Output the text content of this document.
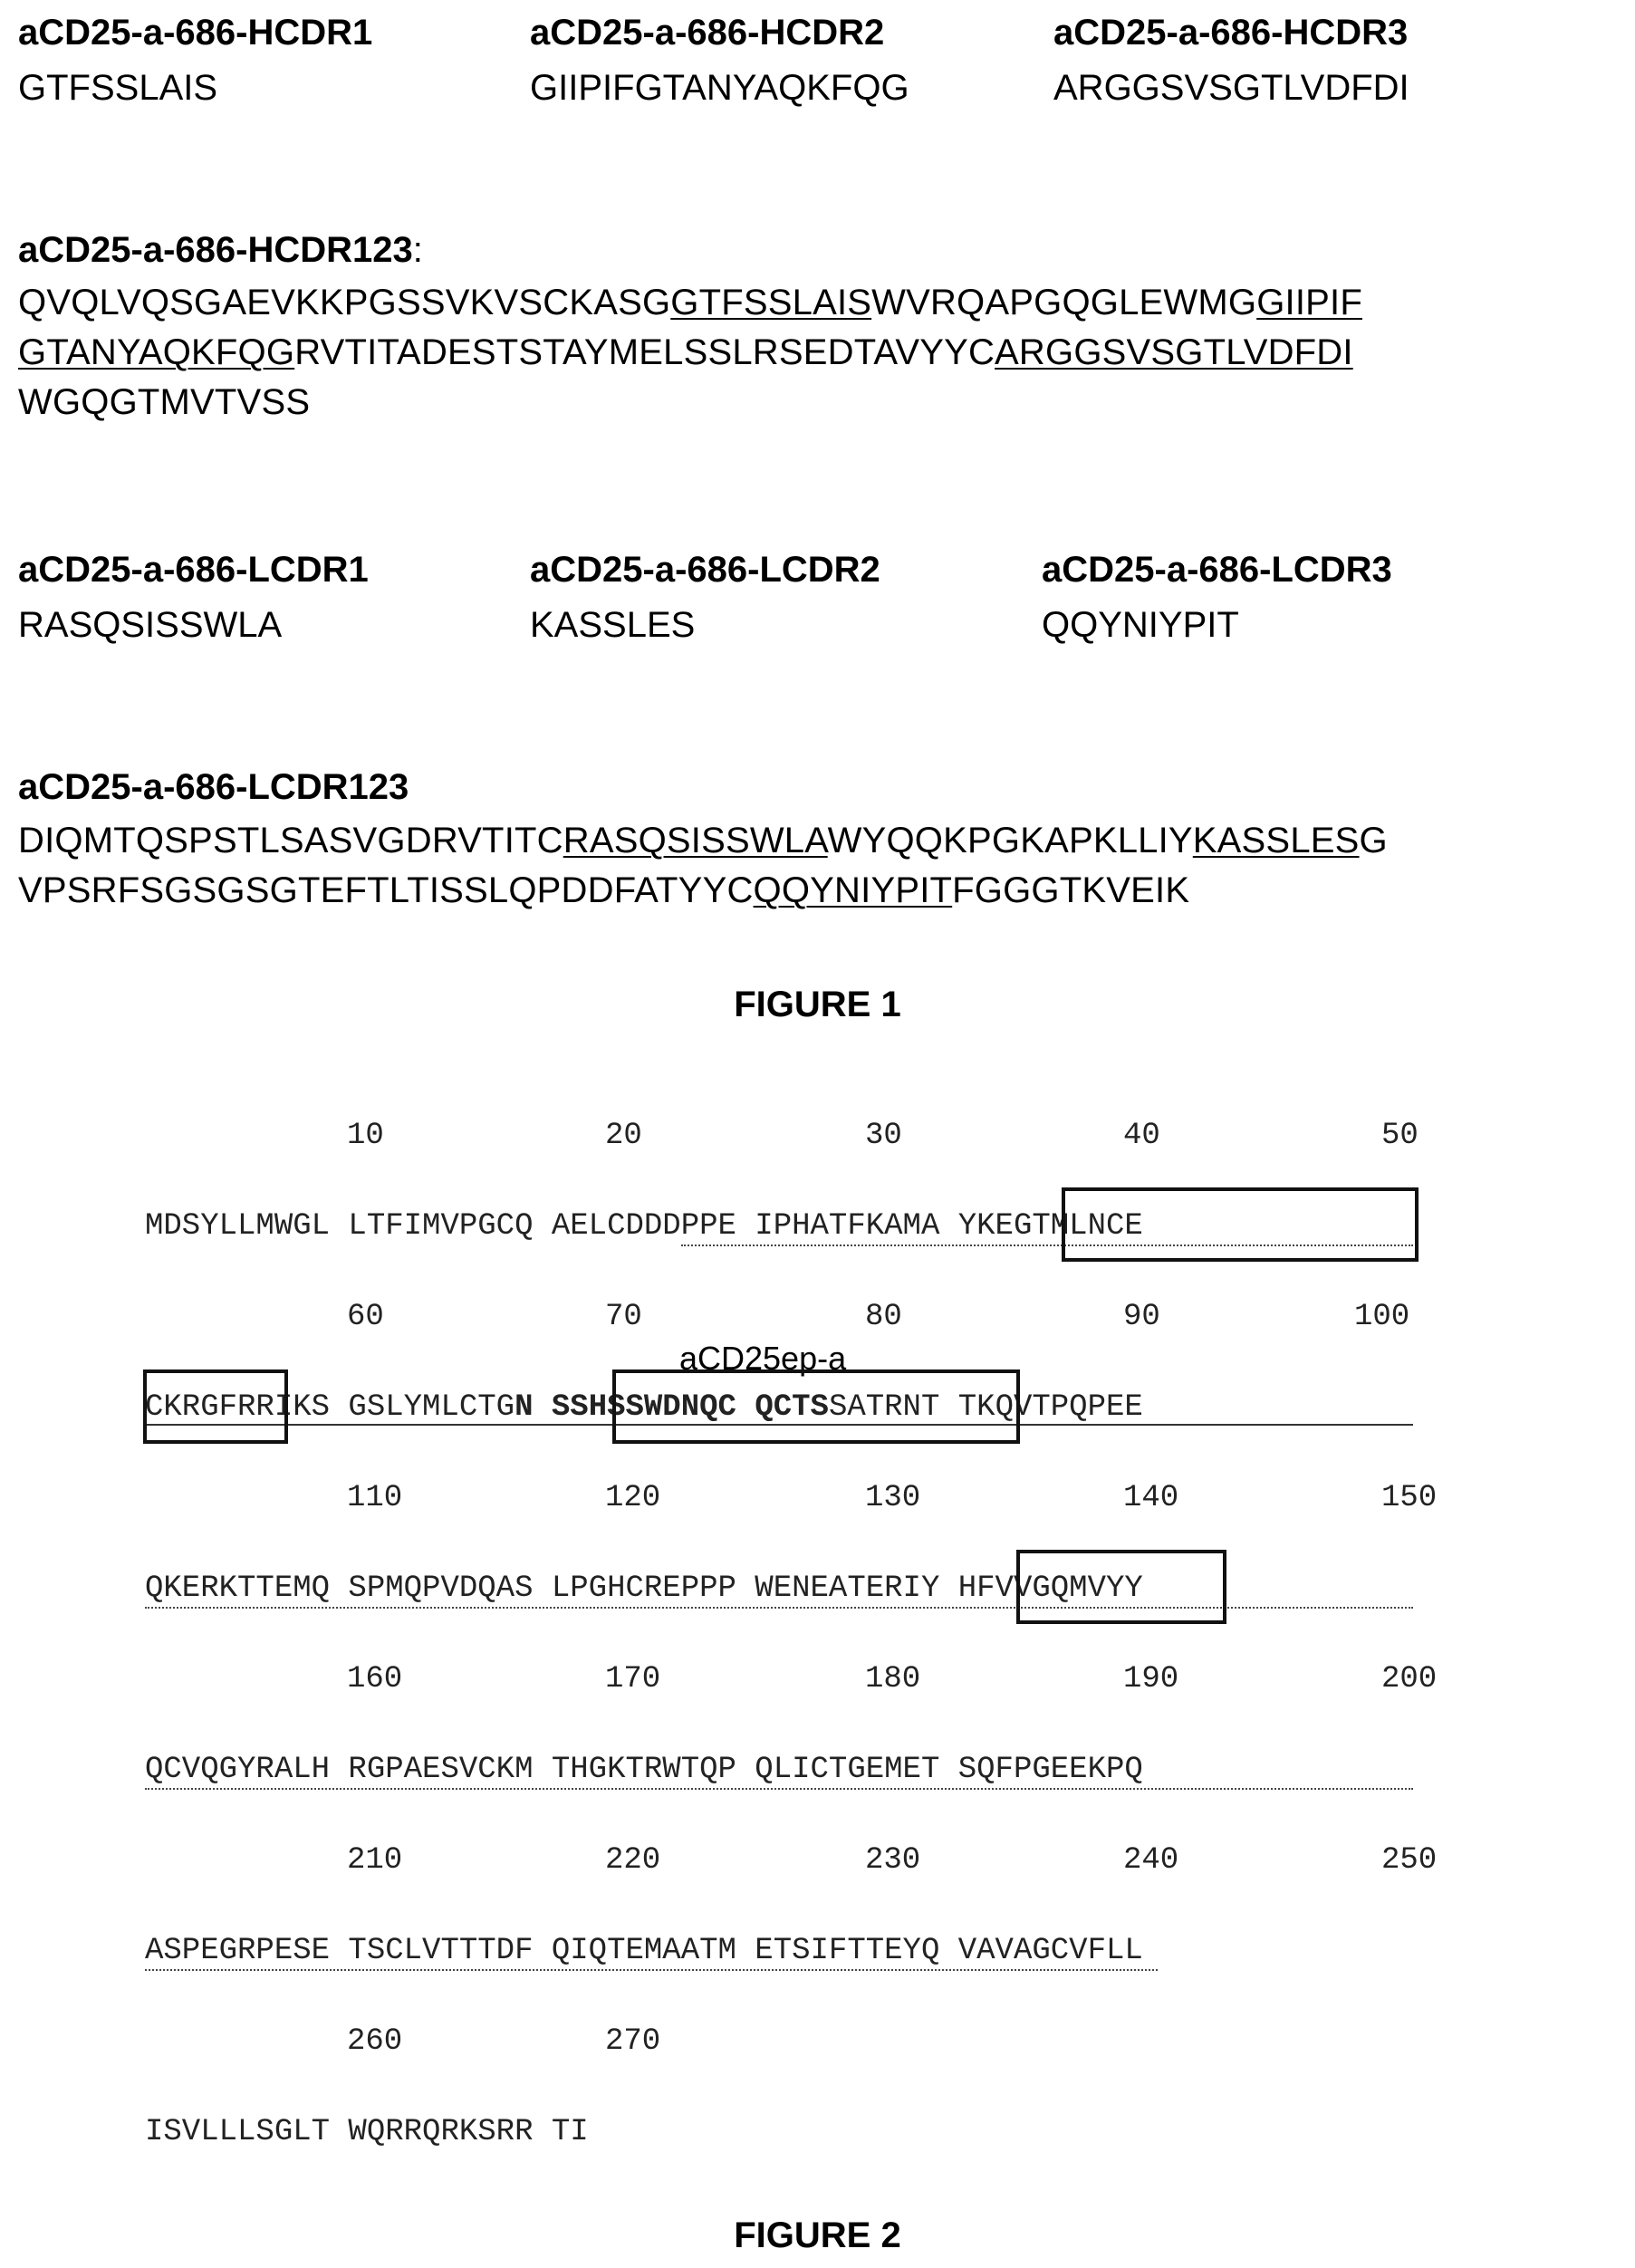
aCD25-a-686-HCDR1	aCD25-a-686-HCDR2	aCD25-a-686-HCDR3
GTFSSLAIS	GIIPIFGTANYAQKFQG	ARGGSVSGTLVDFDI
aCD25-a-686-HCDR123:
QVQLVQSGAEVKKPGSSVKVSCKASGGTFSSLAISWVRQAPGQGLEWMGGIIPIF
GTANYAQKFQGRVTITADESTSTAYMELSSLRSEDTAVYYCARGGSVSGTLVDFDI
WGQGTMVTVSS
aCD25-a-686-LCDR1	aCD25-a-686-LCDR2	aCD25-a-686-LCDR3
RASQSISSWLA	KASSLES	QQYNIYPIT
aCD25-a-686-LCDR123
DIQMTQSPSTLSASVGDRVTITCRASQSISSWLAWYQQKPGKAPKLLIYKASSLESG
VPSRFSGSGSGTEFTLTISSLQPDDFATYYCQQYNIYPITFGGGTKVEIK
FIGURE 1
10	20	30	40	50
MDSYLLMWGL LTFIMVPGCQ AELCDDDPPE IPHATFKAMA YKEGTMLNCE
60	70	80	90	100
aCD25ep-a
CKRGFRRIKS GSLYMLCTGN SSHSSWDNQC QCTSSATRNT TKQVTPQPEE
110	120	130	140	150
QKERKTTEMQ SPMQPVDQAS LPGHCREPPP WENEATERIY HFVVGQMVYY
160	170	180	190	200
QCVQGYRALH RGPAESVCKM THGKTRWTQP QLICTGEMET SQFPGEEKPQ
210	220	230	240	250
ASPEGRPESE TSCLVTTTDF QIQTEMAATM ETSIFTTEYQ VAVAGCVFLL
260	270
ISVLLLSGLT WQRRQRKSRR TI
FIGURE 2
